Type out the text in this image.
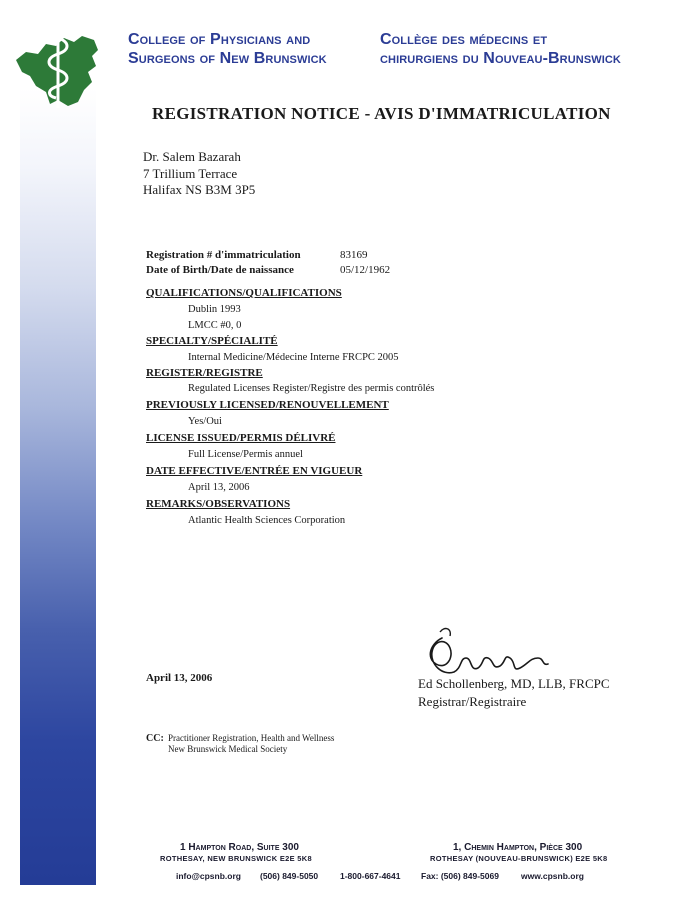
College of Physicians and
Surgeons of New Brunswick
Collège des médecins et
chirurgiens du Nouveau-Brunswick
REGISTRATION NOTICE - AVIS D'IMMATRICULATION
Dr. Salem Bazarah
7 Trillium Terrace
Halifax NS B3M 3P5
Registration # d'immatriculation	83169
Date of Birth/Date de naissance	05/12/1962
QUALIFICATIONS/QUALIFICATIONS
Dublin 1993
LMCC #0, 0
SPECIALTY/SPÉCIALITÉ
Internal Medicine/Médecine Interne FRCPC 2005
REGISTER/REGISTRE
Regulated Licenses Register/Registre des permis contrôlés
PREVIOUSLY LICENSED/RENOUVELLEMENT
Yes/Oui
LICENSE ISSUED/PERMIS DÉLIVRÉ
Full License/Permis annuel
DATE EFFECTIVE/ENTRÉE EN VIGUEUR
April 13, 2006
REMARKS/OBSERVATIONS
Atlantic Health Sciences Corporation
April 13, 2006	Ed Schollenberg, MD, LLB, FRCPC
Registrar/Registraire
CC: Practitioner Registration, Health and Wellness
New Brunswick Medical Society
1 Hampton Road, Suite 300
ROTHESAY, NEW BRUNSWICK E2E 5K8
1, Chemin Hampton, Pièce 300
ROTHESAY (NOUVEAU-BRUNSWICK) E2E 5K8
info@cpsnb.org (506) 849-5050	1-800-667-4641 Fax: (506) 849-5069	www.cpsnb.org
